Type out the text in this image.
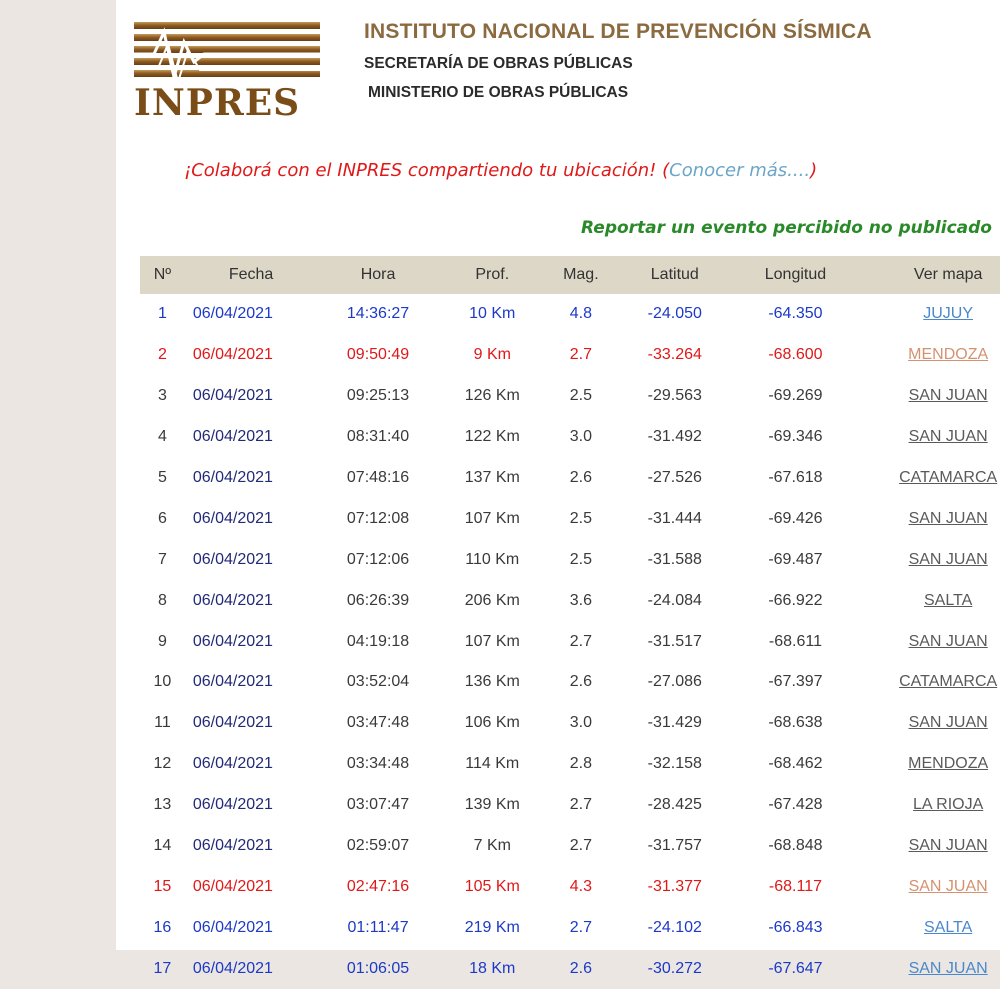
INPRES
INSTITUTO NACIONAL DE PREVENCIÓN SÍSMICA
SECRETARÍA DE OBRAS PÚBLICAS
MINISTERIO DE OBRAS PÚBLICAS
¡Colaborá con el INPRES compartiendo tu ubicación! (Conocer más....)
Reportar un evento percibido no publicado
Nº	Fecha	Hora	Prof.	Mag.	Latitud	Longitud	Ver mapa
1	06/04/2021	14:36:27	10 Km	4.8	-24.050	-64.350	JUJUY
2	06/04/2021	09:50:49	9 Km	2.7	-33.264	-68.600	MENDOZA
3	06/04/2021	09:25:13	126 Km	2.5	-29.563	-69.269	SAN JUAN
4	06/04/2021	08:31:40	122 Km	3.0	-31.492	-69.346	SAN JUAN
5	06/04/2021	07:48:16	137 Km	2.6	-27.526	-67.618	CATAMARCA
6	06/04/2021	07:12:08	107 Km	2.5	-31.444	-69.426	SAN JUAN
7	06/04/2021	07:12:06	110 Km	2.5	-31.588	-69.487	SAN JUAN
8	06/04/2021	06:26:39	206 Km	3.6	-24.084	-66.922	SALTA
9	06/04/2021	04:19:18	107 Km	2.7	-31.517	-68.611	SAN JUAN
10	06/04/2021	03:52:04	136 Km	2.6	-27.086	-67.397	CATAMARCA
11	06/04/2021	03:47:48	106 Km	3.0	-31.429	-68.638	SAN JUAN
12	06/04/2021	03:34:48	114 Km	2.8	-32.158	-68.462	MENDOZA
13	06/04/2021	03:07:47	139 Km	2.7	-28.425	-67.428	LA RIOJA
14	06/04/2021	02:59:07	7 Km	2.7	-31.757	-68.848	SAN JUAN
15	06/04/2021	02:47:16	105 Km	4.3	-31.377	-68.117	SAN JUAN
16	06/04/2021	01:11:47	219 Km	2.7	-24.102	-66.843	SALTA
17	06/04/2021	01:06:05	18 Km	2.6	-30.272	-67.647	SAN JUAN
